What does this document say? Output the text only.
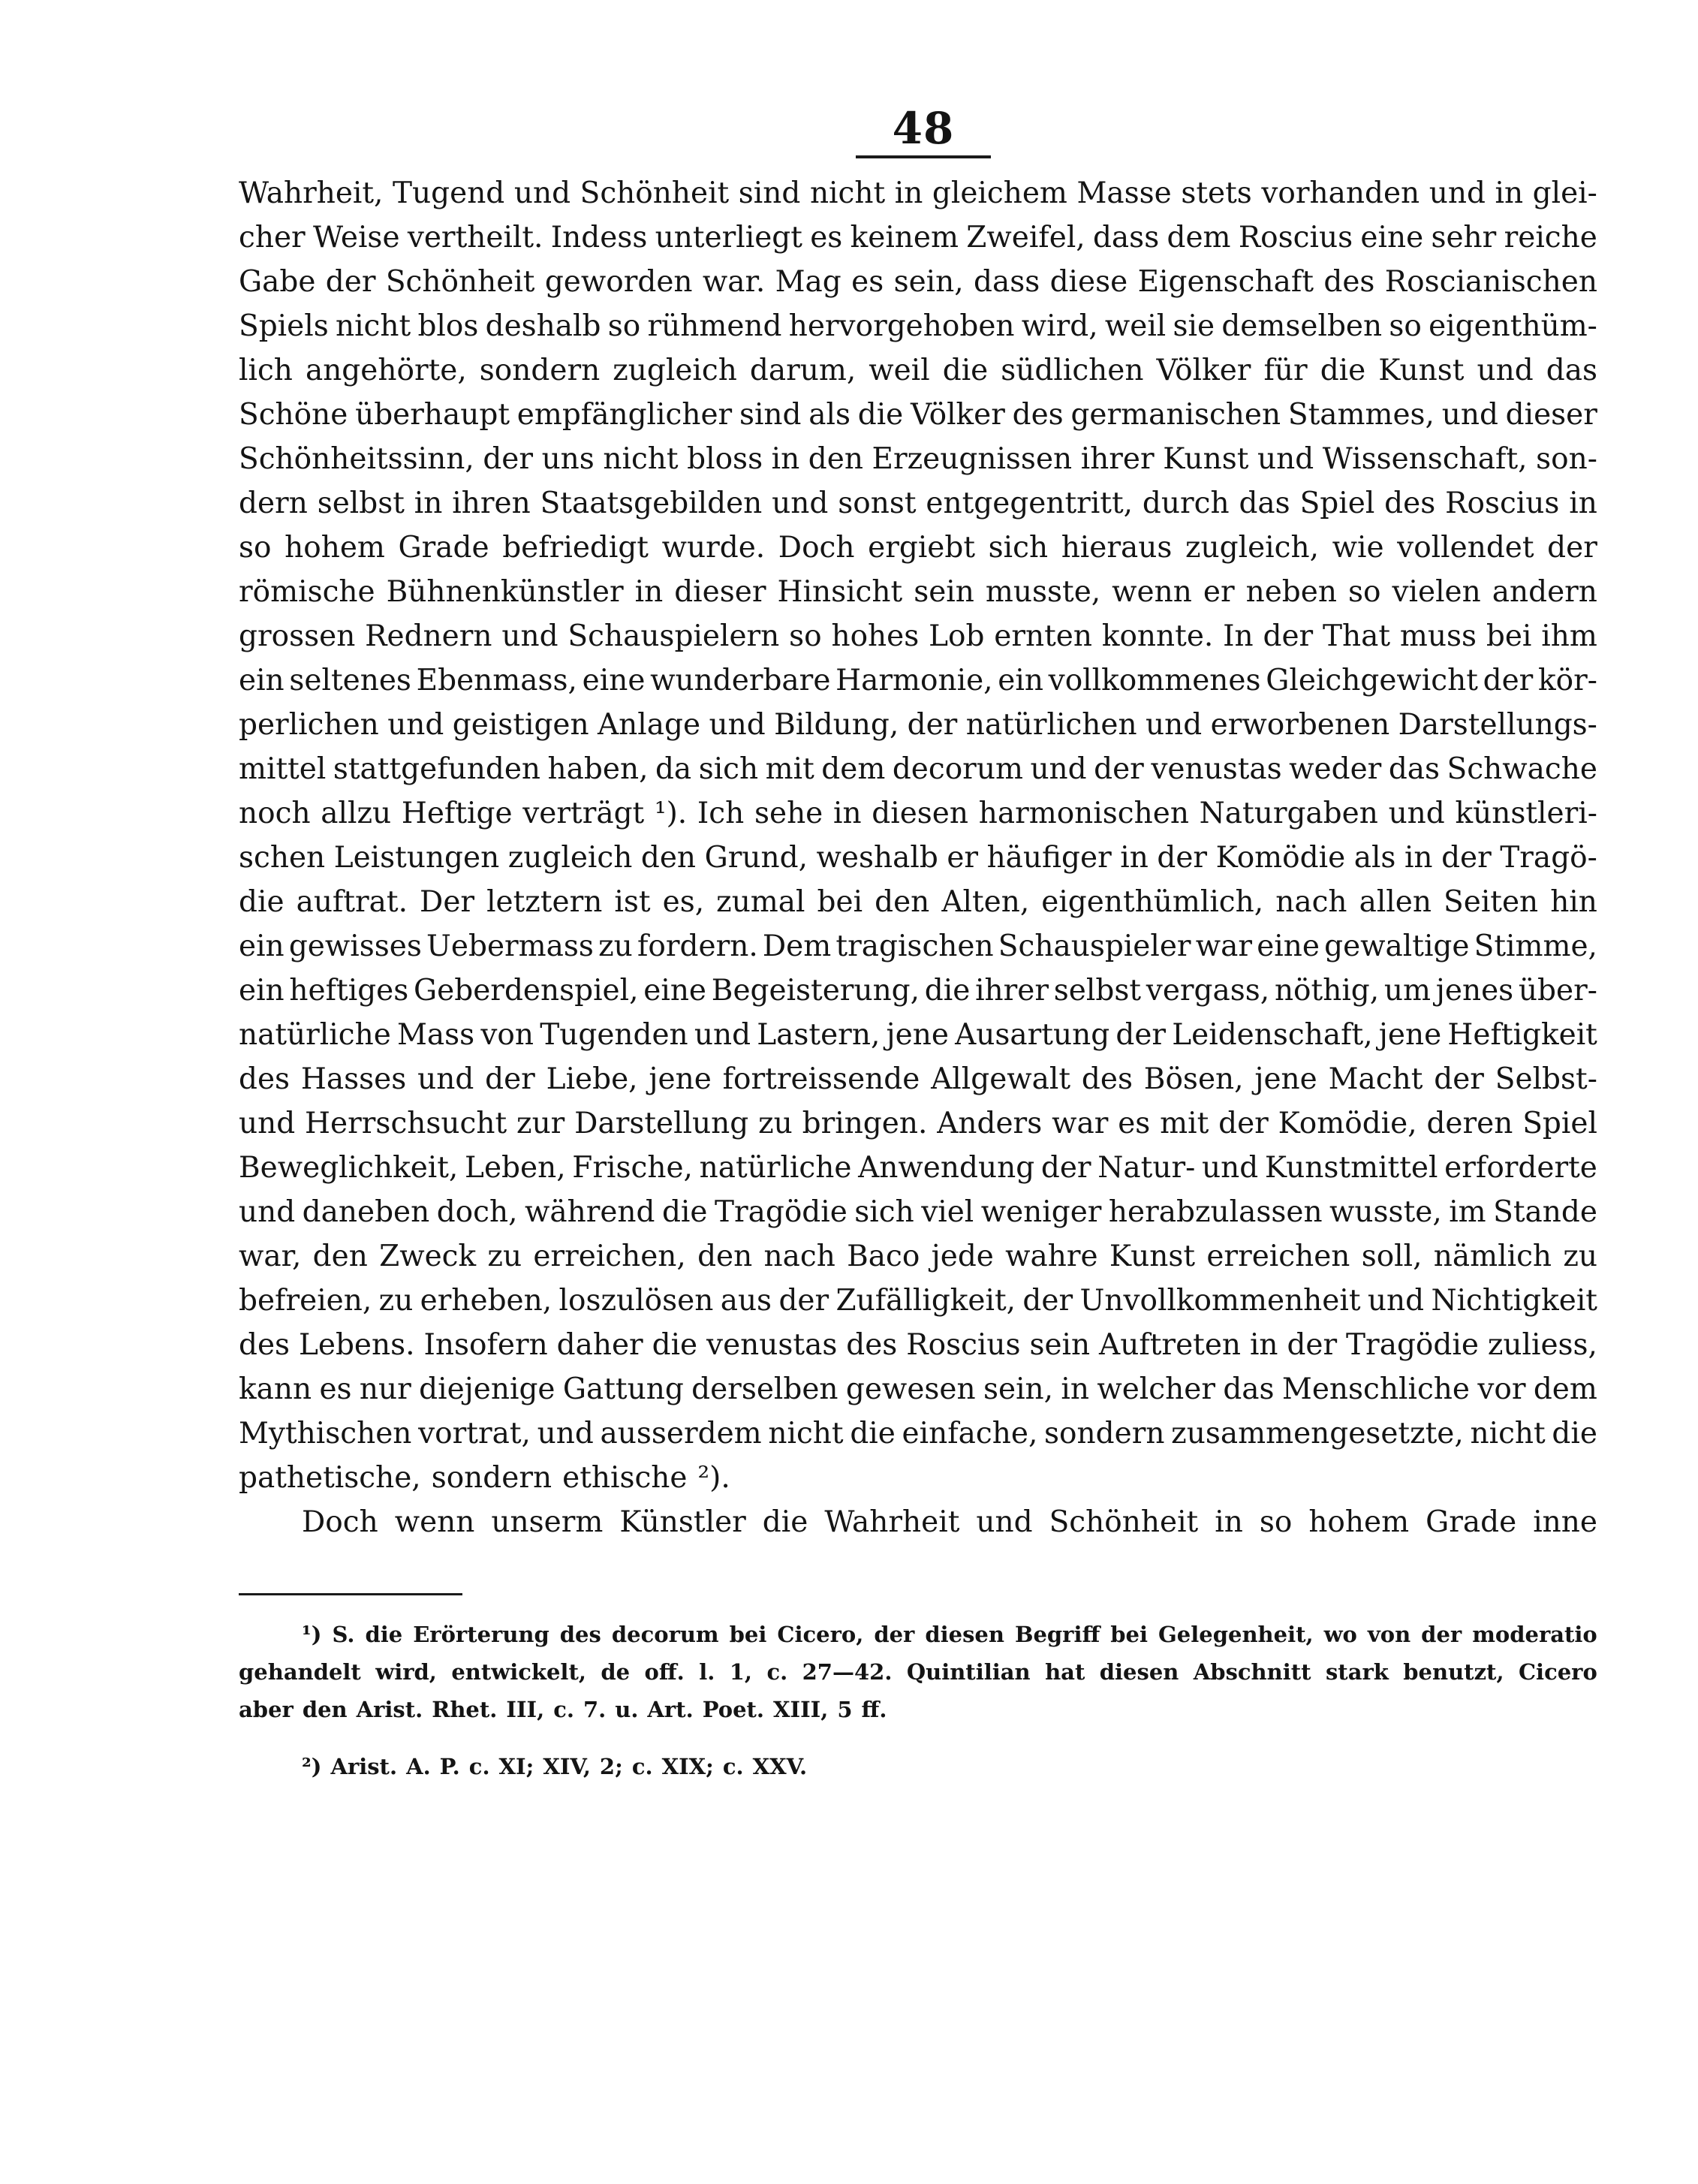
48
Wahrheit, Tugend und Schönheit sind nicht in gleichem Masse stets vorhanden und in glei-
cher Weise vertheilt. Indess unterliegt es keinem Zweifel, dass dem Roscius eine sehr reiche
Gabe der Schönheit geworden war. Mag es sein, dass diese Eigenschaft des Roscianischen
Spiels nicht blos deshalb so rühmend hervorgehoben wird, weil sie demselben so eigenthüm-
lich angehörte, sondern zugleich darum, weil die südlichen Völker für die Kunst und das
Schöne überhaupt empfänglicher sind als die Völker des germanischen Stammes, und dieser
Schönheitssinn, der uns nicht bloss in den Erzeugnissen ihrer Kunst und Wissenschaft, son-
dern selbst in ihren Staatsgebilden und sonst entgegentritt, durch das Spiel des Roscius in
so hohem Grade befriedigt wurde. Doch ergiebt sich hieraus zugleich, wie vollendet der
römische Bühnenkünstler in dieser Hinsicht sein musste, wenn er neben so vielen andern
grossen Rednern und Schauspielern so hohes Lob ernten konnte. In der That muss bei ihm
ein seltenes Ebenmass, eine wunderbare Harmonie, ein vollkommenes Gleichgewicht der kör-
perlichen und geistigen Anlage und Bildung, der natürlichen und erworbenen Darstellungs-
mittel stattgefunden haben, da sich mit dem decorum und der venustas weder das Schwache
noch allzu Heftige verträgt ¹). Ich sehe in diesen harmonischen Naturgaben und künstleri-
schen Leistungen zugleich den Grund, weshalb er häufiger in der Komödie als in der Tragö-
die auftrat. Der letztern ist es, zumal bei den Alten, eigenthümlich, nach allen Seiten hin
ein gewisses Uebermass zu fordern. Dem tragischen Schauspieler war eine gewaltige Stimme,
ein heftiges Geberdenspiel, eine Begeisterung, die ihrer selbst vergass, nöthig, um jenes über-
natürliche Mass von Tugenden und Lastern, jene Ausartung der Leidenschaft, jene Heftigkeit
des Hasses und der Liebe, jene fortreissende Allgewalt des Bösen, jene Macht der Selbst-
und Herrschsucht zur Darstellung zu bringen. Anders war es mit der Komödie, deren Spiel
Beweglichkeit, Leben, Frische, natürliche Anwendung der Natur- und Kunstmittel erforderte
und daneben doch, während die Tragödie sich viel weniger herabzulassen wusste, im Stande
war, den Zweck zu erreichen, den nach Baco jede wahre Kunst erreichen soll, nämlich zu
befreien, zu erheben, loszulösen aus der Zufälligkeit, der Unvollkommenheit und Nichtigkeit
des Lebens. Insofern daher die venustas des Roscius sein Auftreten in der Tragödie zuliess,
kann es nur diejenige Gattung derselben gewesen sein, in welcher das Menschliche vor dem
Mythischen vortrat, und ausserdem nicht die einfache, sondern zusammengesetzte, nicht die
pathetische, sondern ethische ²).
Doch wenn unserm Künstler die Wahrheit und Schönheit in so hohem Grade inne
¹) S. die Erörterung des decorum bei Cicero, der diesen Begriff bei Gelegenheit, wo von der moderatio
gehandelt wird, entwickelt, de off. l. 1, c. 27—42. Quintilian hat diesen Abschnitt stark benutzt, Cicero
aber den Arist. Rhet. III, c. 7. u. Art. Poet. XIII, 5 ff.
²) Arist. A. P. c. XI; XIV, 2; c. XIX; c. XXV.
